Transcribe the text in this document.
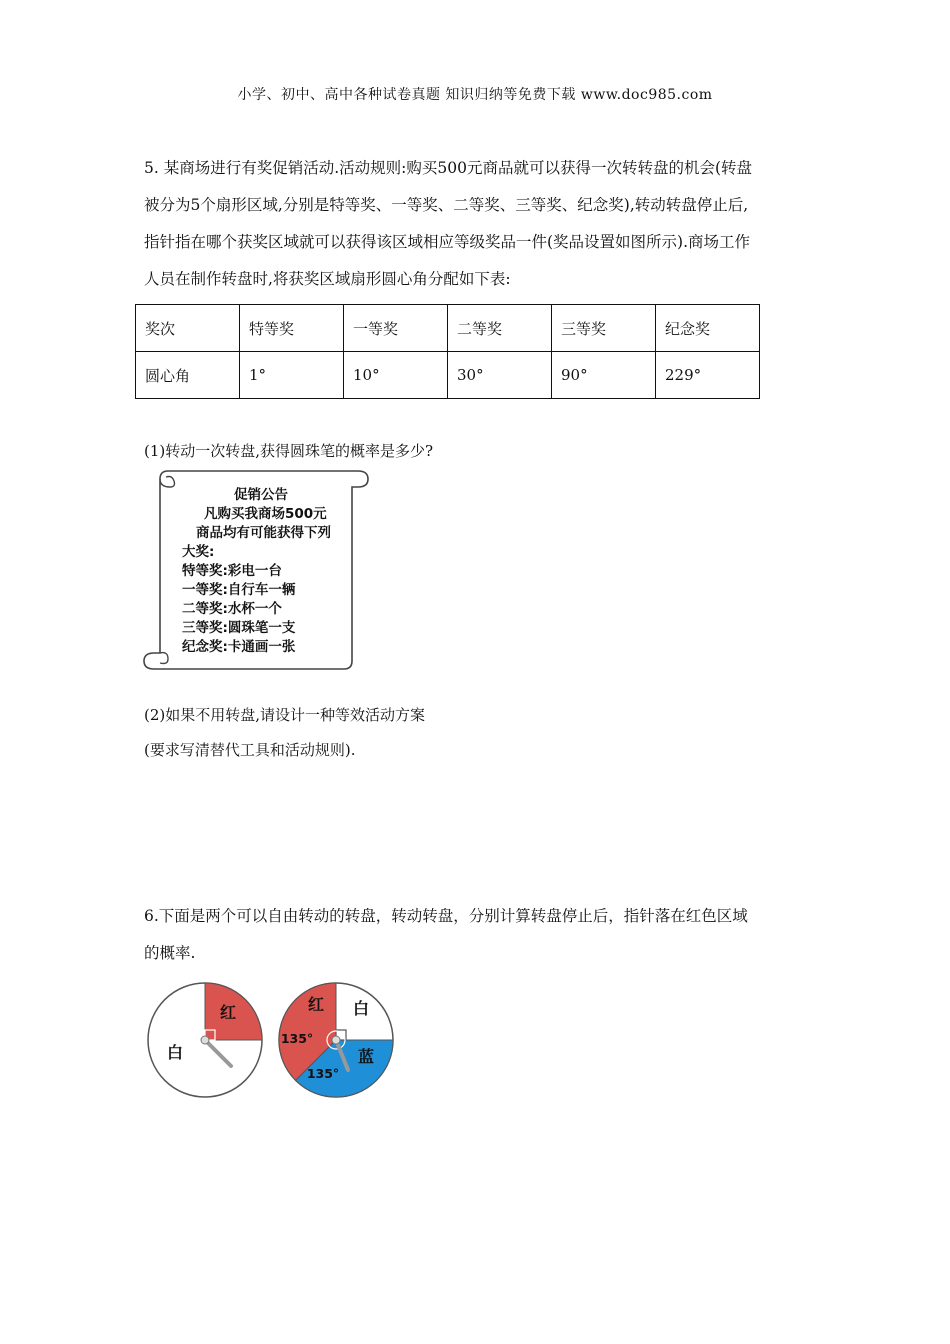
小学、初中、高中各种试卷真题 知识归纳等免费下载 www.doc985.com
5. 某商场进行有奖促销活动.活动规则:购买500元商品就可以获得一次转转盘的机会(转盘
被分为5个扇形区域,分别是特等奖、一等奖、二等奖、三等奖、纪念奖),转动转盘停止后,
指针指在哪个获奖区域就可以获得该区域相应等级奖品一件(奖品设置如图所示).商场工作
人员在制作转盘时,将获奖区域扇形圆心角分配如下表:
奖次	特等奖	一等奖	二等奖	三等奖	纪念奖
圆心角	1°	10°	30°	90°	229°

(1)转动一次转盘,获得圆珠笔的概率是多少?

促销公告
凡购买我商场500元
商品均有可能获得下列
大奖:
特等奖:彩电一台
一等奖:自行车一辆
二等奖:水杯一个
三等奖:圆珠笔一支
纪念奖:卡通画一张

(2)如果不用转盘,请设计一种等效活动方案

(要求写清替代工具和活动规则).

6.下面是两个可以自由转动的转盘，转动转盘，分别计算转盘停止后，指针落在红色区域
的概率.
红
白
红 白
蓝
135°
135°
